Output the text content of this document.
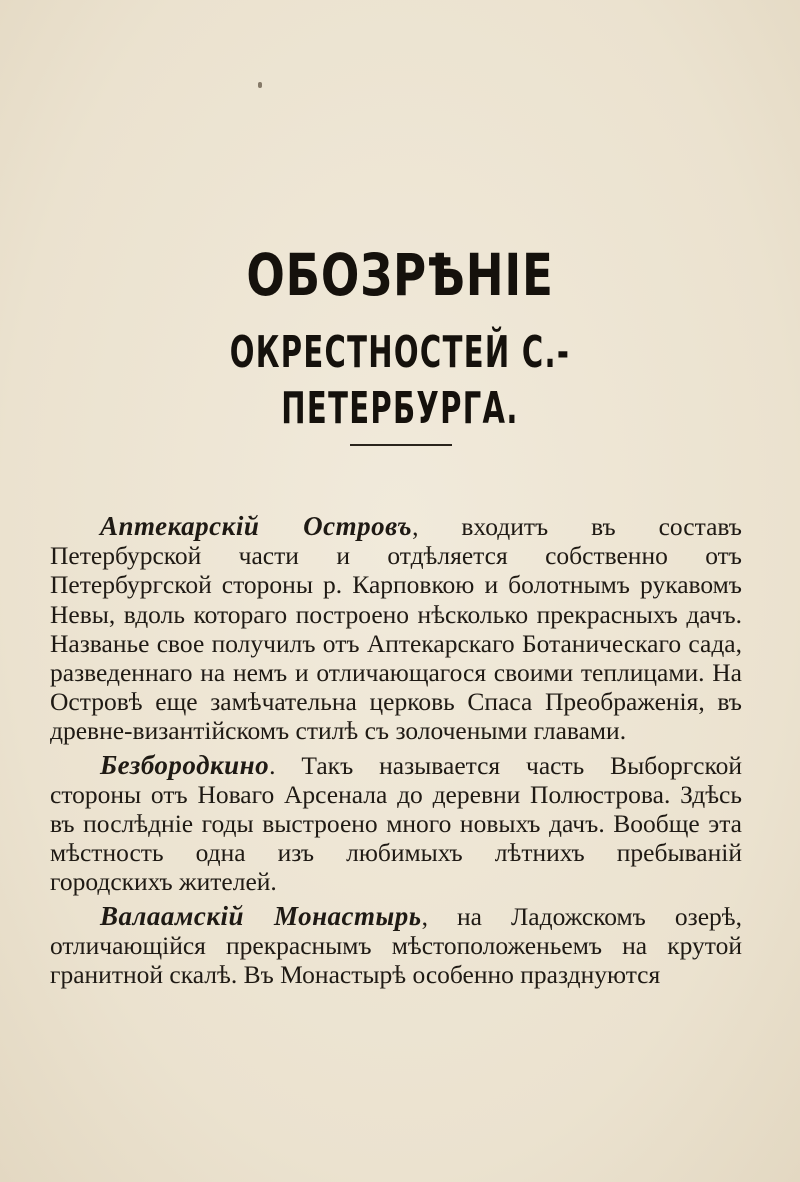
ОБОЗРѢНІЕ
ОКРЕСТНОСТЕЙ С.-ПЕТЕРБУРГА.

Аптекарскій Островъ, входитъ въ составъ Петербурской части и отдѣляется собственно отъ Петербургской стороны р. Карповкою и болотнымъ рукавомъ Невы, вдоль котораго построено нѣсколько прекрасныхъ дачъ. Названье свое получилъ отъ Аптекарскаго Ботаническаго сада, разведеннаго на немъ и отличающагося своими теплицами. На Островѣ еще замѣчательна церковь Спаса Преображенія, въ древне-византійскомъ стилѣ съ золочеными главами.

Безбородкино. Такъ называется часть Выборгской стороны отъ Новаго Арсенала до деревни Полюстрова. Здѣсь въ послѣдніе годы выстроено много новыхъ дачъ. Вообще эта мѣстность одна изъ любимыхъ лѣтнихъ пребываній городскихъ жителей.

Валаамскій Монастырь, на Ладожскомъ озерѣ, отличающійся прекраснымъ мѣстоположеньемъ на крутой гранитной скалѣ. Въ Монастырѣ особенно празднуются
